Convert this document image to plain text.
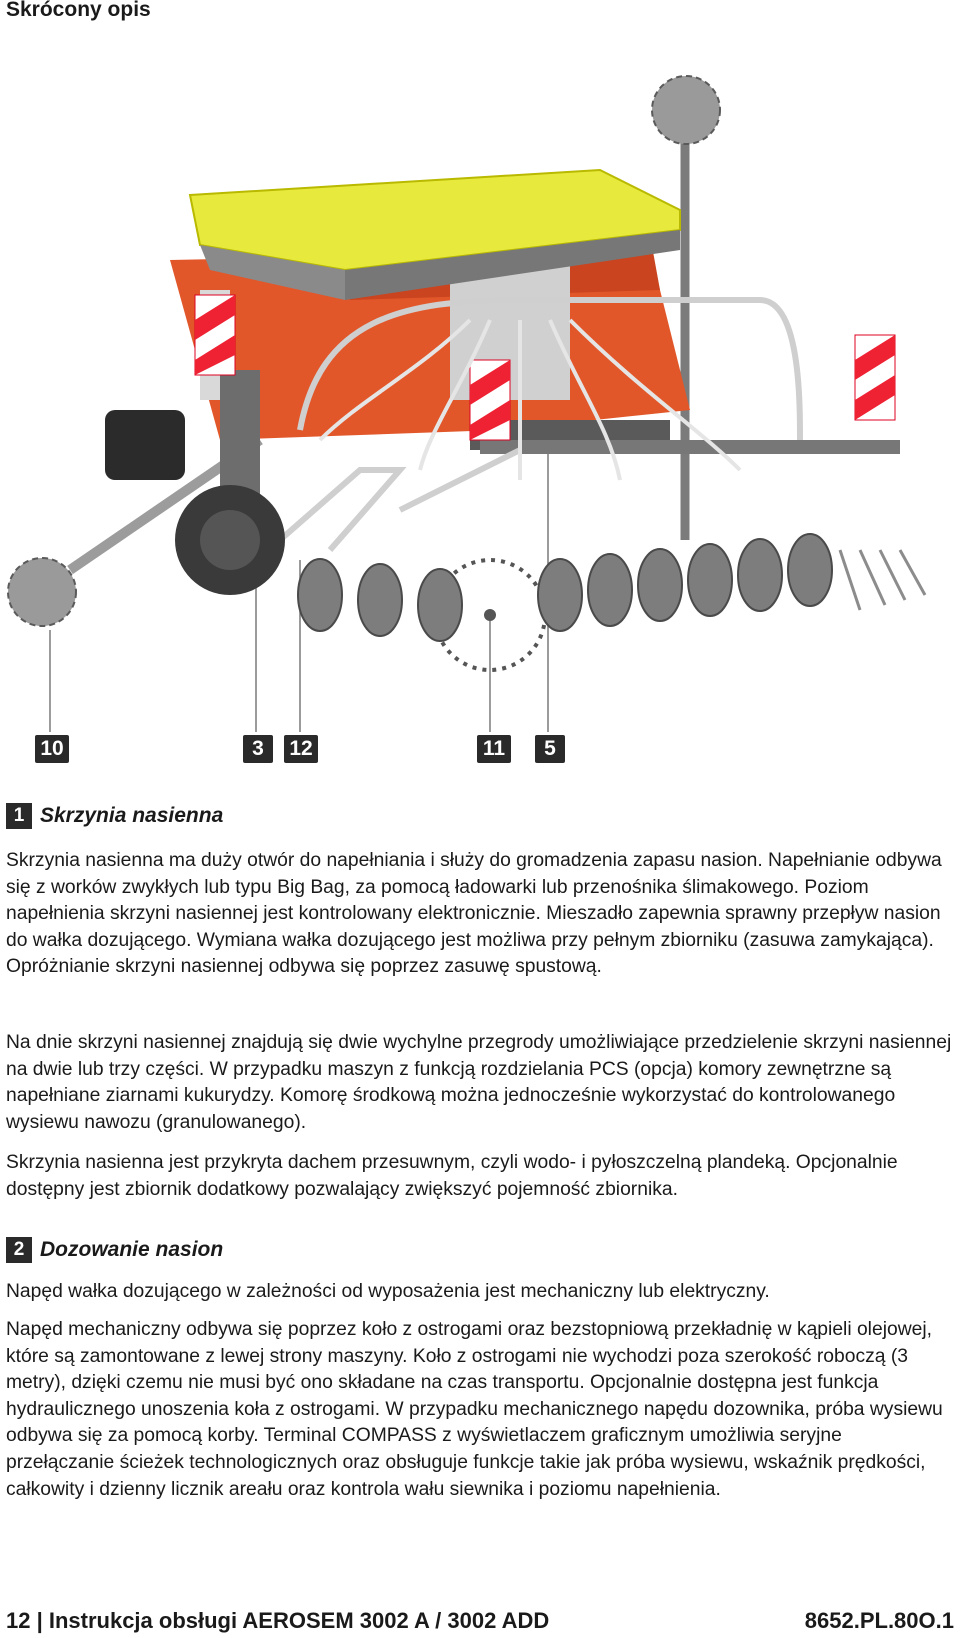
Skrócony opis
10	3	12	11	5
1 Skrzynia nasienna

Skrzynia nasienna ma duży otwór do napełniania i służy do gromadzenia zapasu nasion. Napełnianie odbywa się z worków zwykłych lub typu Big Bag, za pomocą ładowarki lub przenośnika ślimakowego. Poziom napełnienia skrzyni nasiennej jest kontrolowany elektronicznie. Mieszadło zapewnia sprawny przepływ nasion do wałka dozującego. Wymiana wałka dozującego jest możliwa przy pełnym zbiorniku (zasuwa zamykająca). Opróżnianie skrzyni nasiennej odbywa się poprzez zasuwę spustową.

Na dnie skrzyni nasiennej znajdują się dwie wychylne przegrody umożliwiające przedzielenie skrzyni nasiennej na dwie lub trzy części. W przypadku maszyn z funkcją rozdzielania PCS (opcja) komory zewnętrzne są napełniane ziarnami kukurydzy. Komorę środkową można jednocześnie wykorzystać do kontrolowanego wysiewu nawozu (granulowanego).

Skrzynia nasienna jest przykryta dachem przesuwnym, czyli wodo- i pyłoszczelną plandeką. Opcjonalnie dostępny jest zbiornik dodatkowy pozwalający zwiększyć pojemność zbiornika.

2 Dozowanie nasion

Napęd wałka dozującego w zależności od wyposażenia jest mechaniczny lub elektryczny.

Napęd mechaniczny odbywa się poprzez koło z ostrogami oraz bezstopniową przekładnię w kąpieli olejowej, które są zamontowane z lewej strony maszyny. Koło z ostrogami nie wychodzi poza szerokość roboczą (3 metry), dzięki czemu nie musi być ono składane na czas transportu. Opcjonalnie dostępna jest funkcja hydraulicznego unoszenia koła z ostrogami. W przypadku mechanicznego napędu dozownika, próba wysiewu odbywa się za pomocą korby. Terminal COMPASS z wyświetlaczem graficznym umożliwia seryjne przełączanie ścieżek technologicznych oraz obsługuje funkcje takie jak próba wysiewu, wskaźnik prędkości, całkowity i dzienny licznik areału oraz kontrola wału siewnika i poziomu napełnienia.

12 | Instrukcja obsługi AEROSEM 3002 A / 3002 ADD	8652.PL.80O.1
